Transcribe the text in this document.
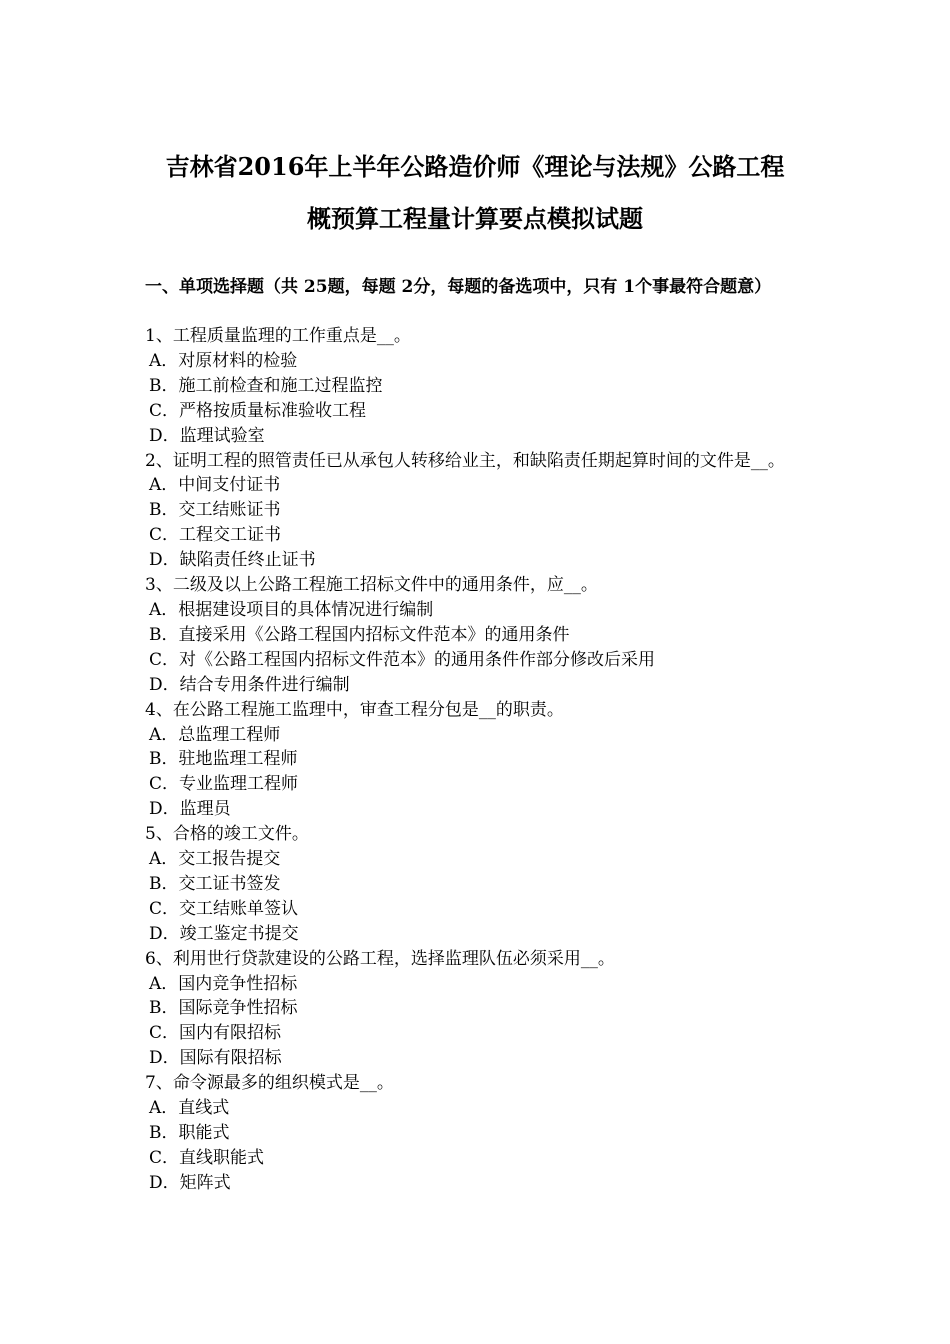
吉林省2016年上半年公路造价师《理论与法规》公路工程
概预算工程量计算要点模拟试题
一、单项选择题（共 25题，每题 2分，每题的备选项中，只有 1个事最符合题意）
1、工程质量监理的工作重点是__。
A．对原材料的检验
B．施工前检查和施工过程监控
C．严格按质量标准验收工程
D．监理试验室
2、证明工程的照管责任已从承包人转移给业主，和缺陷责任期起算时间的文件是__。
A．中间支付证书
B．交工结账证书
C．工程交工证书
D．缺陷责任终止证书
3、二级及以上公路工程施工招标文件中的通用条件，应__。
A．根据建设项目的具体情况进行编制
B．直接采用《公路工程国内招标文件范本》的通用条件
C．对《公路工程国内招标文件范本》的通用条件作部分修改后采用
D．结合专用条件进行编制
4、在公路工程施工监理中，审查工程分包是__的职责。
A．总监理工程师
B．驻地监理工程师
C．专业监理工程师
D．监理员
5、合格的竣工文件。
A．交工报告提交
B．交工证书签发
C．交工结账单签认
D．竣工鉴定书提交
6、利用世行贷款建设的公路工程，选择监理队伍必须采用__。
A．国内竞争性招标
B．国际竞争性招标
C．国内有限招标
D．国际有限招标
7、命令源最多的组织模式是__。
A．直线式
B．职能式
C．直线职能式
D．矩阵式
